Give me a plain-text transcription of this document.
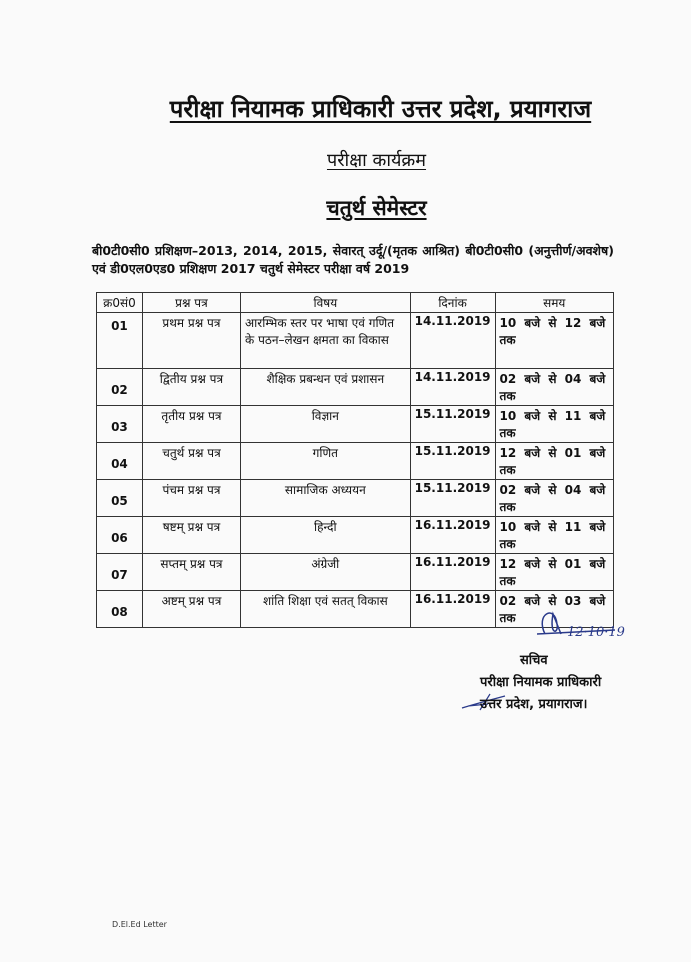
परीक्षा नियामक प्राधिकारी उत्तर प्रदेश, प्रयागराज
परीक्षा कार्यक्रम
चतुर्थ सेमेस्टर
बी0टी0सी0 प्रशिक्षण–2013, 2014, 2015, सेवारत् उर्दू/(मृतक आश्रित) बी0टी0सी0 (अनुत्तीर्ण/अवशेष) एवं डी0एल0एड0 प्रशिक्षण 2017 चतुर्थ सेमेस्टर परीक्षा वर्ष 2019
क्र0सं0	प्रश्न पत्र	विषय	दिनांक	समय
01	प्रथम प्रश्न पत्र	आरम्भिक स्तर पर भाषा एवं गणित के पठन–लेखन क्षमता का विकास	14.11.2019	10 बजे से 12 बजे तक
02	द्वितीय प्रश्न पत्र	शैक्षिक प्रबन्धन एवं प्रशासन	14.11.2019	02 बजे से 04 बजे तक
03	तृतीय प्रश्न पत्र	विज्ञान	15.11.2019	10 बजे से 11 बजे तक
04	चतुर्थ प्रश्न पत्र	गणित	15.11.2019	12 बजे से 01 बजे तक
05	पंचम प्रश्न पत्र	सामाजिक अध्ययन	15.11.2019	02 बजे से 04 बजे तक
06	षष्टम् प्रश्न पत्र	हिन्दी	16.11.2019	10 बजे से 11 बजे तक
07	सप्तम् प्रश्न पत्र	अंग्रेजी	16.11.2019	12 बजे से 01 बजे तक
08	अष्टम् प्रश्न पत्र	शांति शिक्षा एवं सतत् विकास	16.11.2019	02 बजे से 03 बजे तक
12·10·19
सचिव
परीक्षा नियामक प्राधिकारी
उत्तर प्रदेश, प्रयागराज।
D.El.Ed Letter
